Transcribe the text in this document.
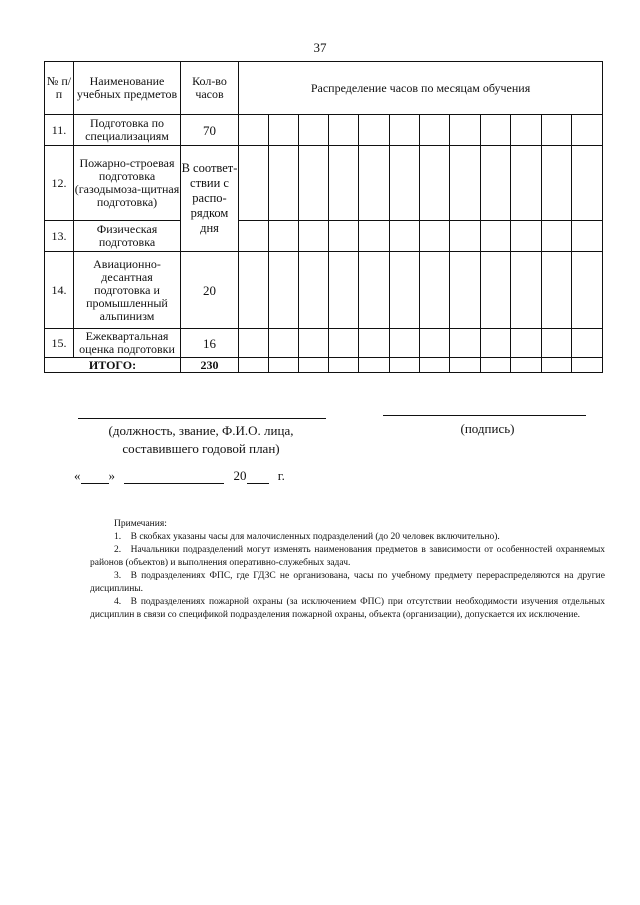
37
№ п/п	Наименование учебных предметов	Кол-во часов	Распределение часов по месяцам обучения											
11.	Подготовка по специализациям	70												
12.	Пожарно-строевая подготовка (газодымоза-щитная подготовка)	В соответ-ствии с распо-рядком дня												
13.	Физическая подготовка													
14.	Авиационно-десантная подготовка и промышленный альпинизм	20												
15.	Ежеквартальная оценка подготовки	16												
ИТОГО:		230												
(должность, звание, Ф.И.О. лица, составившего годовой план)
(подпись)
« »	20 г.
Примечания:

1. В скобках указаны часы для малочисленных подразделений (до 20 человек включительно).

2. Начальники подразделений могут изменять наименования предметов в зависимости от особенностей охраняемых районов (объектов) и выполнения оперативно-служебных задач.

3. В подразделениях ФПС, где ГДЗС не организована, часы по учебному предмету перераспределяются на другие дисциплины.

4. В подразделениях пожарной охраны (за исключением ФПС) при отсутствии необходимости изучения отдельных дисциплин в связи со спецификой подразделения пожарной охраны, объекта (организации), допускается их исключение.
